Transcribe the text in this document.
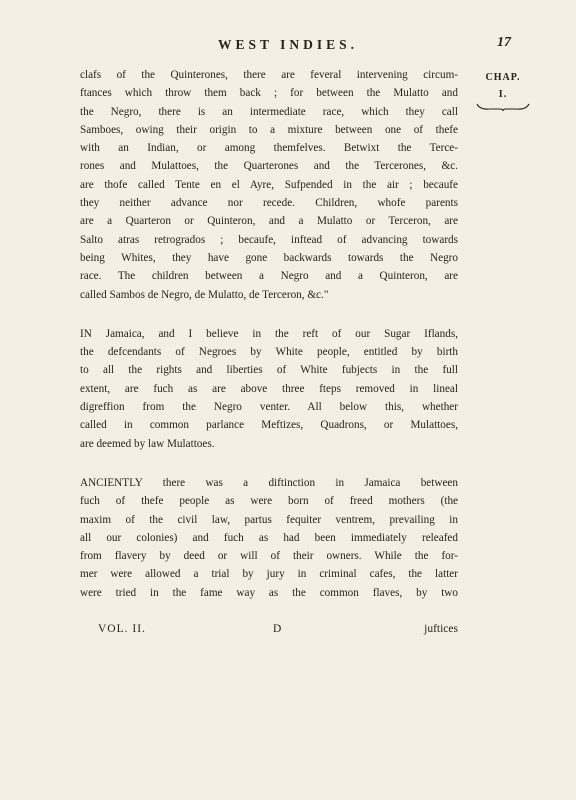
WEST INDIES.	17
CHAP.
I.

clafs of the Quinterones, there are feveral intervening circum-
ftances which throw them back ; for between the Mulatto and
the Negro, there is an intermediate race, which they call
Samboes, owing their origin to a mixture between one of thefe
with an Indian, or among themfelves. Betwixt the Terce-
rones and Mulattoes, the Quarterones and the Tercerones, &c.
are thofe called Tente en el Ayre, Sufpended in the air ; becaufe
they neither advance nor recede. Children, whofe parents
are a Quarteron or Quinteron, and a Mulatto or Terceron, are
Salto atras retrogrados ; becaufe, inftead of advancing towards
being Whites, they have gone backwards towards the Negro
race. The children between a Negro and a Quinteron, are
called Sambos de Negro, de Mulatto, de Terceron, &c."

IN Jamaica, and I believe in the reft of our Sugar Iflands,
the defcendants of Negroes by White people, entitled by birth
to all the rights and liberties of White fubjects in the full
extent, are fuch as are above three fteps removed in lineal
digreffion from the Negro venter. All below this, whether
called in common parlance Meftizes, Quadrons, or Mulattoes,
are deemed by law Mulattoes.

ANCIENTLY there was a diftinction in Jamaica between
fuch of thefe people as were born of freed mothers (the
maxim of the civil law, partus fequiter ventrem, prevailing in
all our colonies) and fuch as had been immediately releafed
from flavery by deed or will of their owners. While the for-
mer were allowed a trial by jury in criminal cafes, the latter
were tried in the fame way as the common flaves, by two

VOL. II.	D	juftices
